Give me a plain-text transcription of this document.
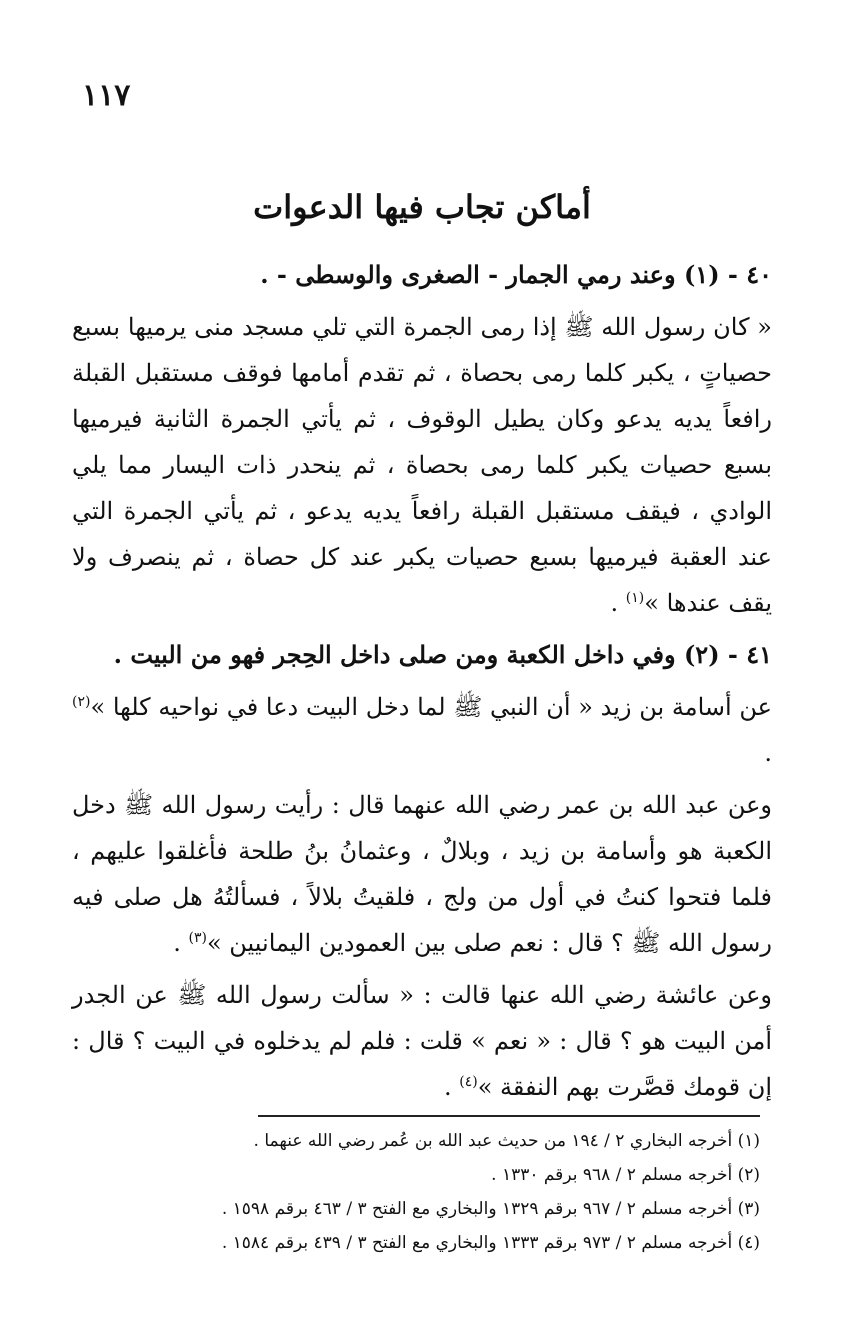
١١٧
أماكن تجاب فيها الدعوات
٤٠ - (١) وعند رمي الجمار - الصغرى والوسطى - .

« كان رسول الله ﷺ إذا رمى الجمرة التي تلي مسجد منى يرميها بسبع حصياتٍ ، يكبر كلما رمى بحصاة ، ثم تقدم أمامها فوقف مستقبل القبلة رافعاً يديه يدعو وكان يطيل الوقوف ، ثم يأتي الجمرة الثانية فيرميها بسبع حصيات يكبر كلما رمى بحصاة ، ثم ينحدر ذات اليسار مما يلي الوادي ، فيقف مستقبل القبلة رافعاً يديه يدعو ، ثم يأتي الجمرة التي عند العقبة فيرميها بسبع حصيات يكبر عند كل حصاة ، ثم ينصرف ولا يقف عندها »$^{(١)}$ .

٤١ - (٢) وفي داخل الكعبة ومن صلى داخل الحِجر فهو من البيت .

عن أسامة بن زيد « أن النبي ﷺ لما دخل البيت دعا في نواحيه كلها »$^{(٢)}$ .

وعن عبد الله بن عمر رضي الله عنهما قال : رأيت رسول الله ﷺ دخل الكعبة هو وأسامة بن زيد ، وبلالٌ ، وعثمانُ بنُ طلحة فأغلقوا عليهم ، فلما فتحوا كنتُ في أول من ولج ، فلقيتُ بلالاً ، فسألتُهُ هل صلى فيه رسول الله ﷺ ؟ قال : نعم صلى بين العمودين اليمانيين »$^{(٣)}$ .

وعن عائشة رضي الله عنها قالت : « سألت رسول الله ﷺ عن الجدر أمن البيت هو ؟ قال : « نعم » قلت : فلم لم يدخلوه في البيت ؟ قال : إن قومك قصَّرت بهم النفقة »$^{(٤)}$ .

(١) أخرجه البخاري ٢ / ١٩٤ من حديث عبد الله بن عُمر رضي الله عنهما .

(٢) أخرجه مسلم ٢ / ٩٦٨ برقم ١٣٣٠ .

(٣) أخرجه مسلم ٢ / ٩٦٧ برقم ١٣٢٩ والبخاري مع الفتح ٣ / ٤٦٣ برقم ١٥٩٨ .

(٤) أخرجه مسلم ٢ / ٩٧٣ برقم ١٣٣٣ والبخاري مع الفتح ٣ / ٤٣٩ برقم ١٥٨٤ .
